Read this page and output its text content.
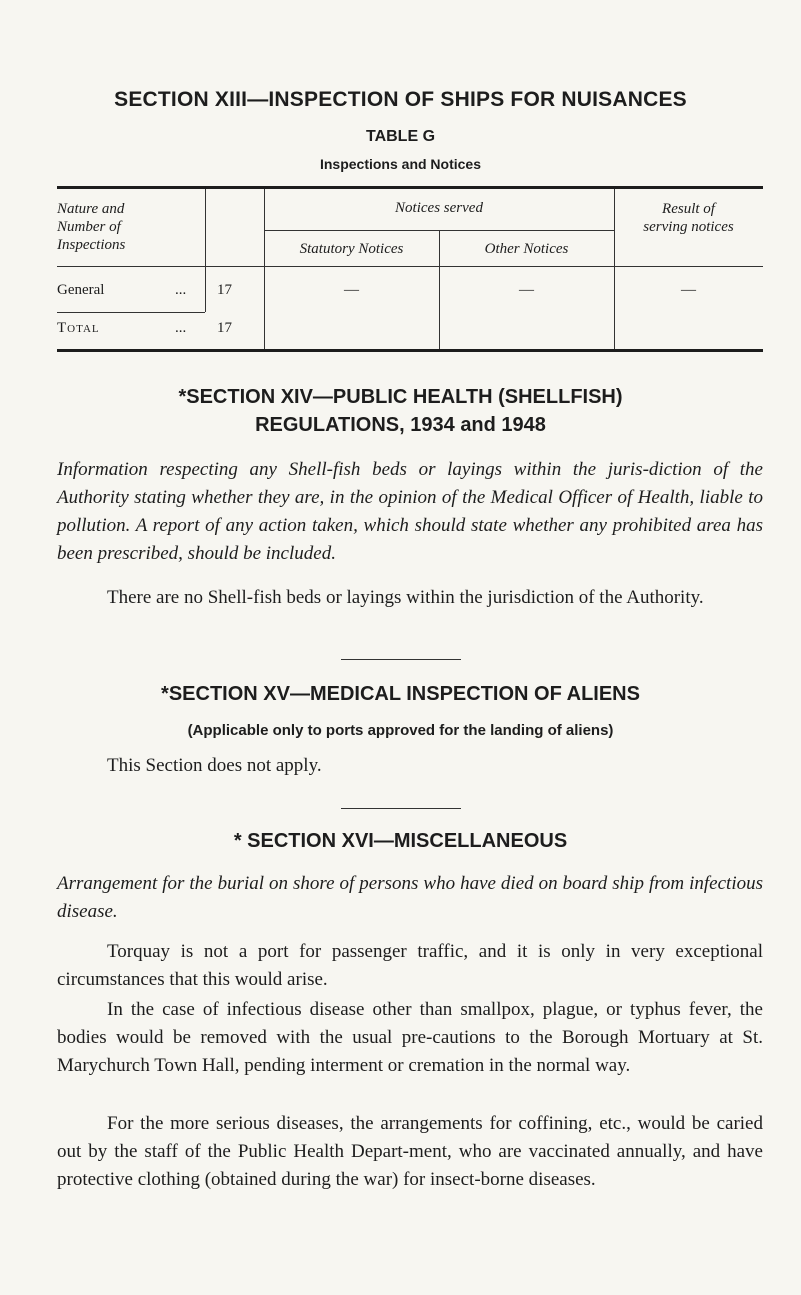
SECTION XIII—INSPECTION OF SHIPS FOR NUISANCES
TABLE G
Inspections and Notices
Nature and
Number of
Inspections
Notices served
Statutory Notices	Other Notices
Result of
serving notices
General	... 17	—	—	—
Total	... 17
*SECTION XIV—PUBLIC HEALTH (SHELLFISH)
REGULATIONS, 1934 and 1948

Information respecting any Shell-fish beds or layings within the juris-diction of the Authority stating whether they are, in the opinion of the Medical Officer of Health, liable to pollution. A report of any action taken, which should state whether any prohibited area has been prescribed, should be included.

There are no Shell-fish beds or layings within the jurisdiction of the Authority.

*SECTION XV—MEDICAL INSPECTION OF ALIENS
(Applicable only to ports approved for the landing of aliens)

This Section does not apply.

* SECTION XVI—MISCELLANEOUS

Arrangement for the burial on shore of persons who have died on board ship from infectious disease.

Torquay is not a port for passenger traffic, and it is only in very exceptional circumstances that this would arise.

In the case of infectious disease other than smallpox, plague, or typhus fever, the bodies would be removed with the usual pre-cautions to the Borough Mortuary at St. Marychurch Town Hall, pending interment or cremation in the normal way.

For the more serious diseases, the arrangements for coffining, etc., would be caried out by the staff of the Public Health Depart-ment, who are vaccinated annually, and have protective clothing (obtained during the war) for insect-borne diseases.
